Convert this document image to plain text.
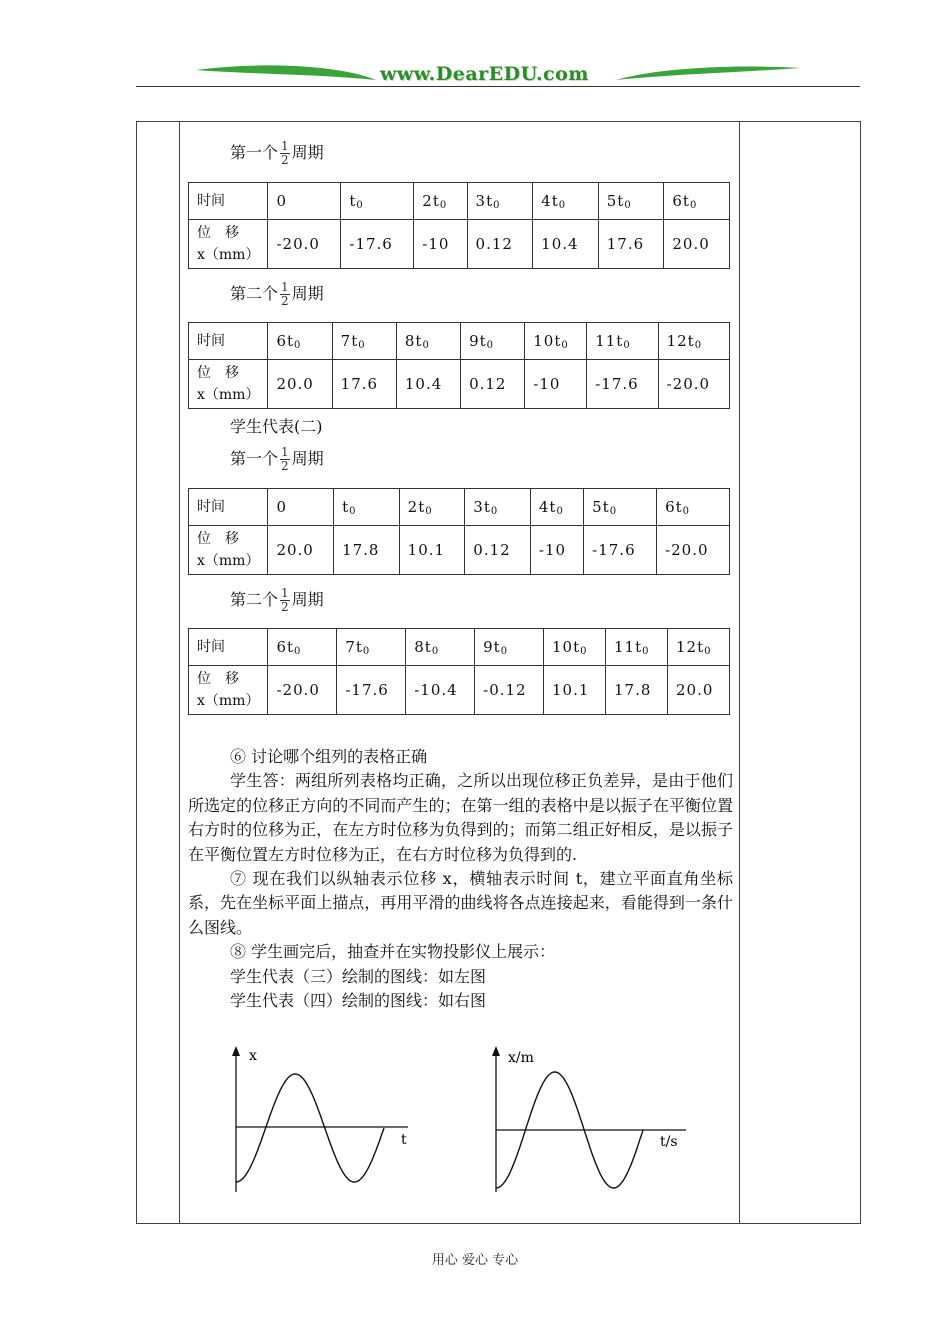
www.DearEDU.com
第一个 $\frac{1}{2}$ 周期
时间	0	$t_0$	$2t_0$	$3t_0$	$4t_0$	$5t_0$	$6t_0$

位　移
x（mm）	-20.0	-17.6	-10	0.12	10.4	17.6	20.0
第二个 $\frac{1}{2}$ 周期
时间	$6t_0$	$7t_0$	$8t_0$	$9t_0$	$10t_0$	$11t_0$	$12t_0$

位　移
x（mm）	20.0	17.6	10.4	0.12	-10	-17.6	-20.0
学生代表(二)
第一个 $\frac{1}{2}$ 周期
时间	0	$t_0$	$2t_0$	$3t_0$	$4t_0$	$5t_0$	$6t_0$

位　移
x（mm）	20.0	17.8	10.1	0.12	-10	-17.6	-20.0
第二个 $\frac{1}{2}$ 周期
时间	$6t_0$	$7t_0$	$8t_0$	$9t_0$	$10t_0$	$11t_0$	$12t_0$

位　移
x（mm）	-20.0	-17.6	-10.4	-0.12	10.1	17.8	20.0

⑥ 讨论哪个组列的表格正确

学生答：两组所列表格均正确，之所以出现位移正负差异，是由于他们所选定的位移正方向的不同而产生的；在第一组的表格中是以振子在平衡位置右方时的位移为正，在左方时位移为负得到的；而第二组正好相反，是以振子在平衡位置左方时位移为正，在右方时位移为负得到的.

⑦ 现在我们以纵轴表示位移 x，横轴表示时间 t，建立平面直角坐标系，先在坐标平面上描点，再用平滑的曲线将各点连接起来，看能得到一条什么图线。

⑧ 学生画完后，抽查并在实物投影仪上展示：

学生代表（三）绘制的图线：如左图

学生代表（四）绘制的图线：如右图

x
t
x/m
t/s
用心 爱心 专心
